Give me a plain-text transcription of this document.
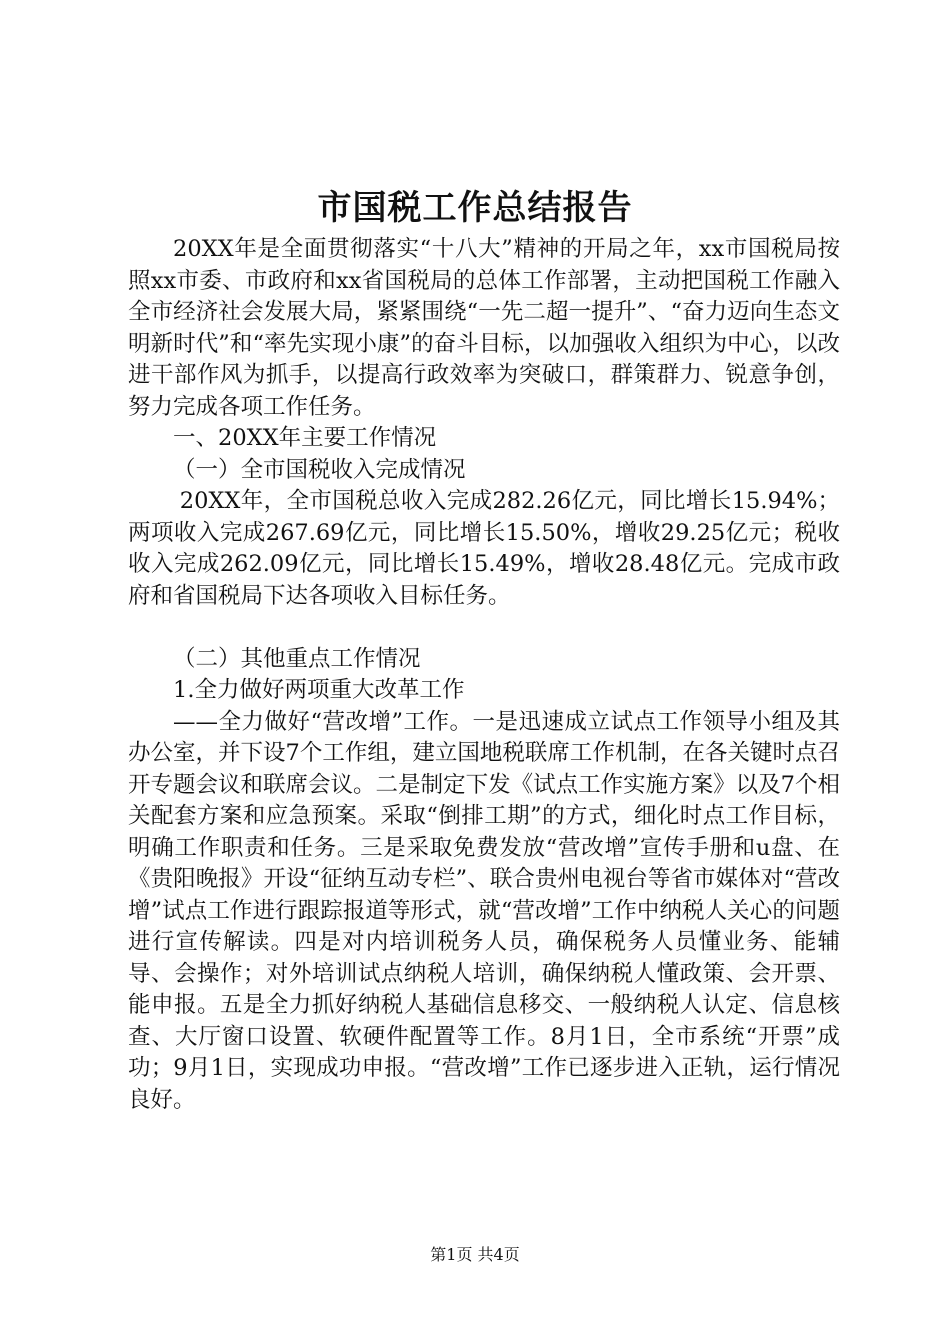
市国税工作总结报告

20XX年是全面贯彻落实“十八大”精神的开局之年，xx市国税局按照xx市委、市政府和xx省国税局的总体工作部署，主动把国税工作融入全市经济社会发展大局，紧紧围绕“一先二超一提升”、“奋力迈向生态文明新时代”和“率先实现小康”的奋斗目标，以加强收入组织为中心，以改进干部作风为抓手，以提高行政效率为突破口，群策群力、锐意争创，努力完成各项工作任务。

一、20XX年主要工作情况

（一）全市国税收入完成情况

20XX年，全市国税总收入完成282.26亿元，同比增长15.94%；两项收入完成267.69亿元，同比增长15.50%，增收29.25亿元；税收收入完成262.09亿元，同比增长15.49%，增收28.48亿元。完成市政府和省国税局下达各项收入目标任务。

（二）其他重点工作情况

1.全力做好两项重大改革工作

——全力做好“营改增”工作。一是迅速成立试点工作领导小组及其办公室，并下设7个工作组，建立国地税联席工作机制，在各关键时点召开专题会议和联席会议。二是制定下发《试点工作实施方案》以及7个相关配套方案和应急预案。采取“倒排工期”的方式，细化时点工作目标，明确工作职责和任务。三是采取免费发放“营改增”宣传手册和u盘、在《贵阳晚报》开设“征纳互动专栏”、联合贵州电视台等省市媒体对“营改增”试点工作进行跟踪报道等形式，就“营改增”工作中纳税人关心的问题进行宣传解读。四是对内培训税务人员，确保税务人员懂业务、能辅导、会操作；对外培训试点纳税人培训，确保纳税人懂政策、会开票、能申报。五是全力抓好纳税人基础信息移交、一般纳税人认定、信息核查、大厅窗口设置、软硬件配置等工作。8月1日，全市系统“开票”成功；9月1日，实现成功申报。“营改增”工作已逐步进入正轨，运行情况良好。

第1页 共4页
